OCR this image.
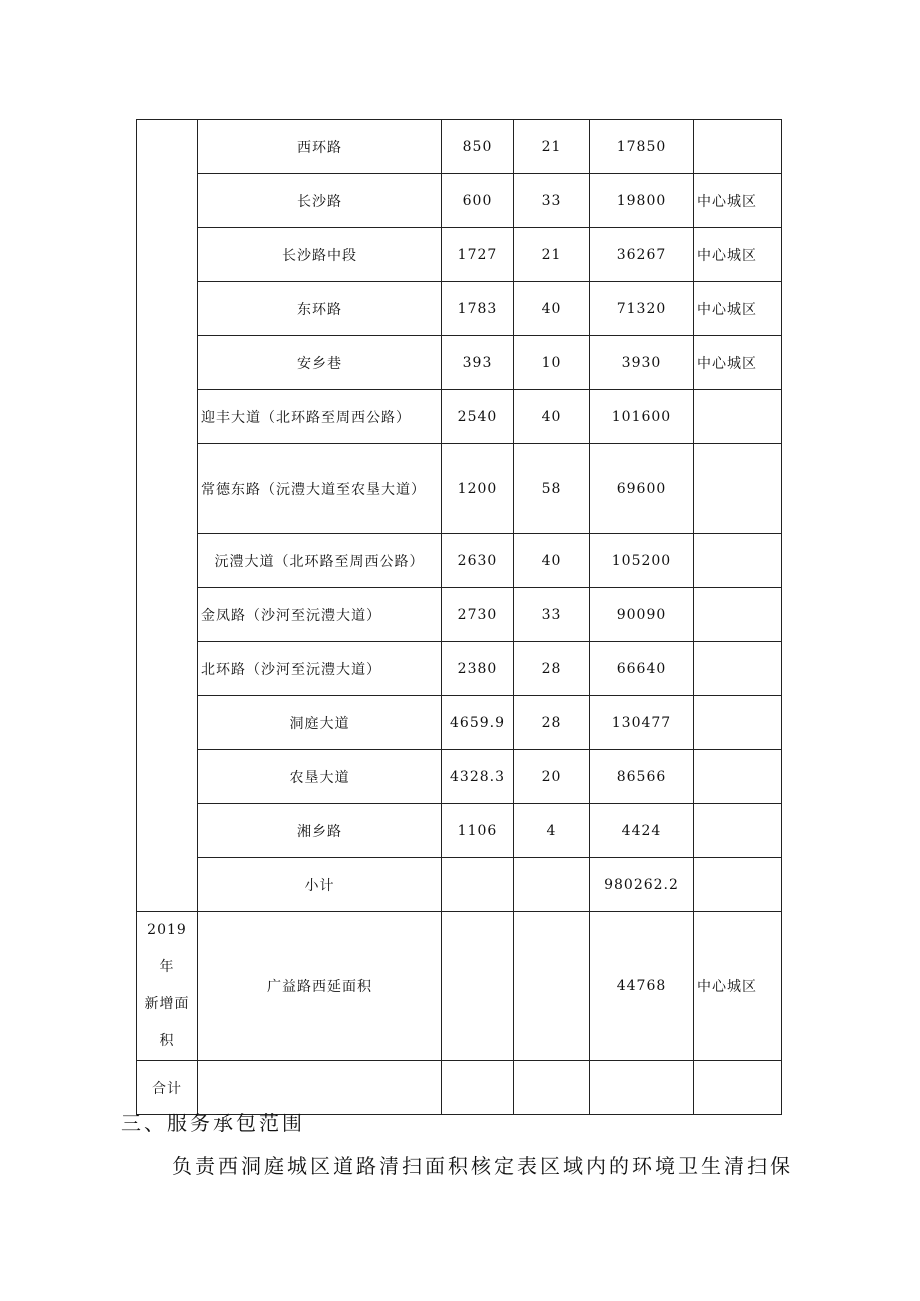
	西环路	850	21	17850	
	长沙路	600	33	19800	中心城区
	长沙路中段	1727	21	36267	中心城区
	东环路	1783	40	71320	中心城区
	安乡巷	393	10	3930	中心城区
	迎丰大道（北环路至周西公路）	2540	40	101600	
	常德东路（沅澧大道至农垦大道）	1200	58	69600	
	沅澧大道（北环路至周西公路）	2630	40	105200	
	金凤路（沙河至沅澧大道）	2730	33	90090	
	北环路（沙河至沅澧大道）	2380	28	66640	
	洞庭大道	4659.9	28	130477	
	农垦大道	4328.3	20	86566	
	湘乡路	1106	4	4424	
	小计			980262.2	
2019 年
新增面
积	广益路西延面积			44768	中心城区
合计					

三、服务承包范围

负责西洞庭城区道路清扫面积核定表区域内的环境卫生清扫保
